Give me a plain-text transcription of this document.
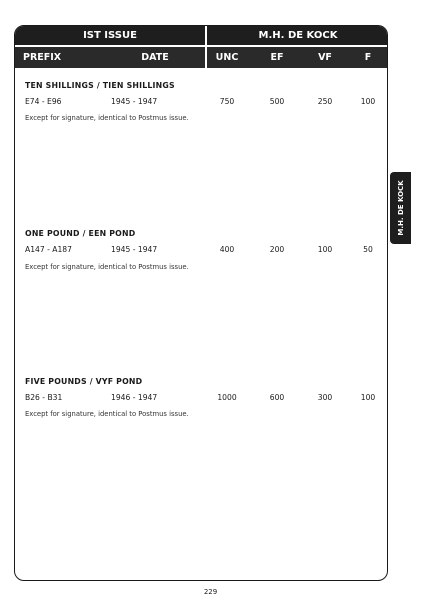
IST ISSUE	M.H. DE KOCK
PREFIX	DATE	UNC	EF	VF	F
TEN SHILLINGS / TIEN SHILLINGS
E74 - E96	1945 - 1947	750	500	250	100
Except for signature, identical to Postmus issue.
ONE POUND / EEN POND
A147 - A187	1945 - 1947	400	200	100	50
Except for signature, identical to Postmus issue.
FIVE POUNDS / VYF POND
B26 - B31	1946 - 1947	1000	600	300	100
Except for signature, identical to Postmus issue.
M.H. DE KOCK
229
